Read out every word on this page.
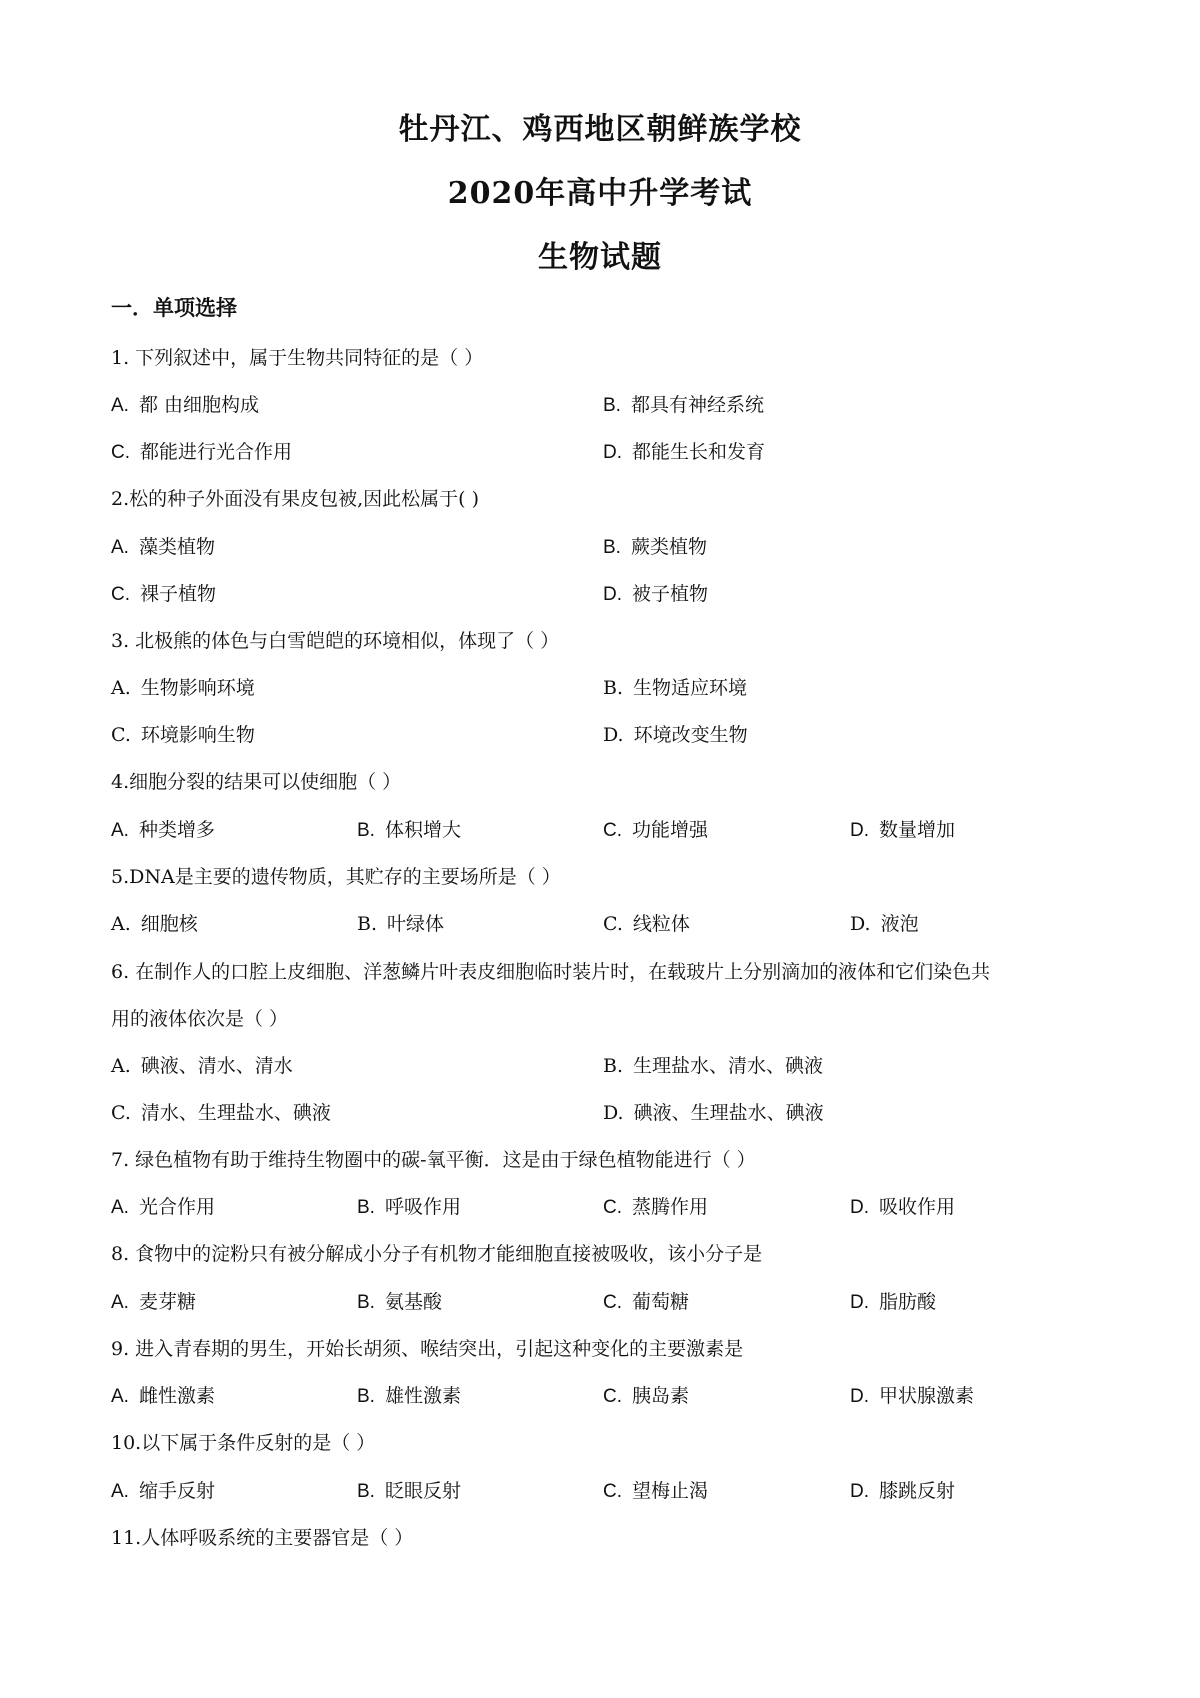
牡丹江、鸡西地区朝鲜族学校
2020年高中升学考试
生物试题
一．单项选择
1. 下列叙述中，属于生物共同特征的是（ ）
A. 都 由细胞构成	B. 都具有神经系统
C. 都能进行光合作用	D. 都能生长和发育
2.松的种子外面没有果皮包被,因此松属于( )
A. 藻类植物	B. 蕨类植物
C. 裸子植物	D. 被子植物
3. 北极熊的体色与白雪皑皑的环境相似，体现了（ ）
A. 生物影响环境	B. 生物适应环境
C. 环境影响生物	D. 环境改变生物
4.细胞分裂的结果可以使细胞（ ）
A. 种类增多	B. 体积增大	C. 功能增强	D. 数量增加
5.DNA是主要的遗传物质，其贮存的主要场所是（ ）
A. 细胞核	B. 叶绿体	C. 线粒体	D. 液泡
6. 在制作人的口腔上皮细胞、洋葱鳞片叶表皮细胞临时装片时，在载玻片上分别滴加的液体和它们染色共
用的液体依次是（ ）
A. 碘液、清水、清水	B. 生理盐水、清水、碘液
C. 清水、生理盐水、碘液	D. 碘液、生理盐水、碘液
7. 绿色植物有助于维持生物圈中的碳-氧平衡．这是由于绿色植物能进行（ ）
A. 光合作用	B. 呼吸作用	C. 蒸腾作用	D. 吸收作用
8. 食物中的淀粉只有被分解成小分子有机物才能细胞直接被吸收，该小分子是
A. 麦芽糖	B. 氨基酸	C. 葡萄糖	D. 脂肪酸
9. 进入青春期的男生，开始长胡须、喉结突出，引起这种变化的主要激素是
A. 雌性激素	B. 雄性激素	C. 胰岛素	D. 甲状腺激素
10.以下属于条件反射的是（ ）
A. 缩手反射	B. 眨眼反射	C. 望梅止渴	D. 膝跳反射
11.人体呼吸系统的主要器官是（ ）
